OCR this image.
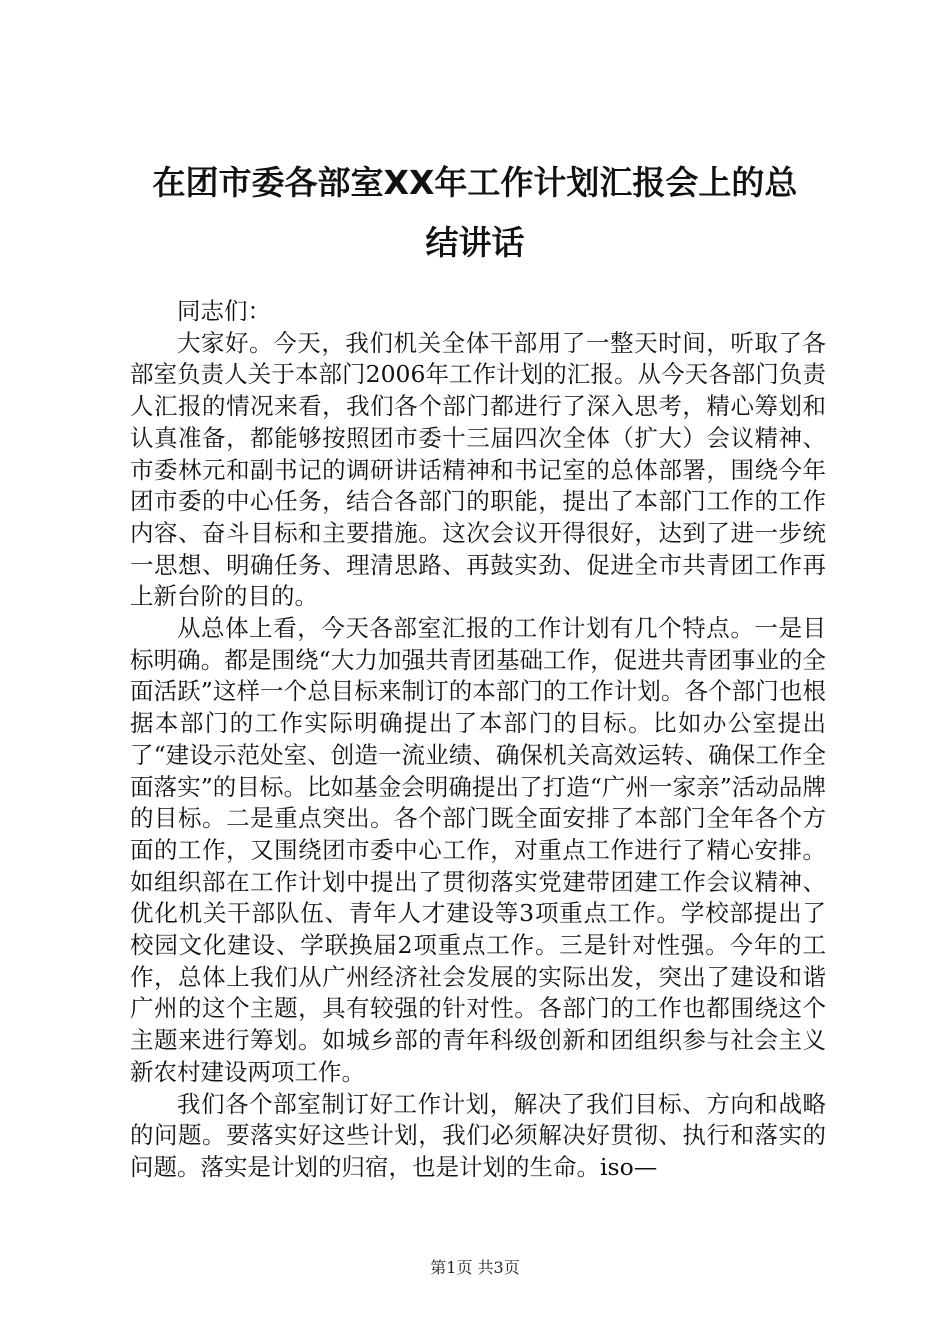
在团市委各部室XX年工作计划汇报会上的总
结讲话

同志们：

大家好。今天，我们机关全体干部用了一整天时间，听取了各部室负责人关于本部门2006年工作计划的汇报。从今天各部门负责人汇报的情况来看，我们各个部门都进行了深入思考，精心筹划和认真准备，都能够按照团市委十三届四次全体（扩大）会议精神、市委林元和副书记的调研讲话精神和书记室的总体部署，围绕今年团市委的中心任务，结合各部门的职能，提出了本部门工作的工作内容、奋斗目标和主要措施。这次会议开得很好，达到了进一步统一思想、明确任务、理清思路、再鼓实劲、促进全市共青团工作再上新台阶的目的。

从总体上看，今天各部室汇报的工作计划有几个特点。一是目标明确。都是围绕“大力加强共青团基础工作，促进共青团事业的全面活跃”这样一个总目标来制订的本部门的工作计划。各个部门也根据本部门的工作实际明确提出了本部门的目标。比如办公室提出了“建设示范处室、创造一流业绩、确保机关高效运转、确保工作全面落实”的目标。比如基金会明确提出了打造“广州一家亲”活动品牌的目标。二是重点突出。各个部门既全面安排了本部门全年各个方面的工作，又围绕团市委中心工作，对重点工作进行了精心安排。如组织部在工作计划中提出了贯彻落实党建带团建工作会议精神、优化机关干部队伍、青年人才建设等3项重点工作。学校部提出了校园文化建设、学联换届2项重点工作。三是针对性强。今年的工作，总体上我们从广州经济社会发展的实际出发，突出了建设和谐广州的这个主题，具有较强的针对性。各部门的工作也都围绕这个主题来进行筹划。如城乡部的青年科级创新和团组织参与社会主义新农村建设两项工作。

我们各个部室制订好工作计划，解决了我们目标、方向和战略的问题。要落实好这些计划，我们必须解决好贯彻、执行和落实的问题。落实是计划的归宿，也是计划的生命。iso—

第1页 共3页
